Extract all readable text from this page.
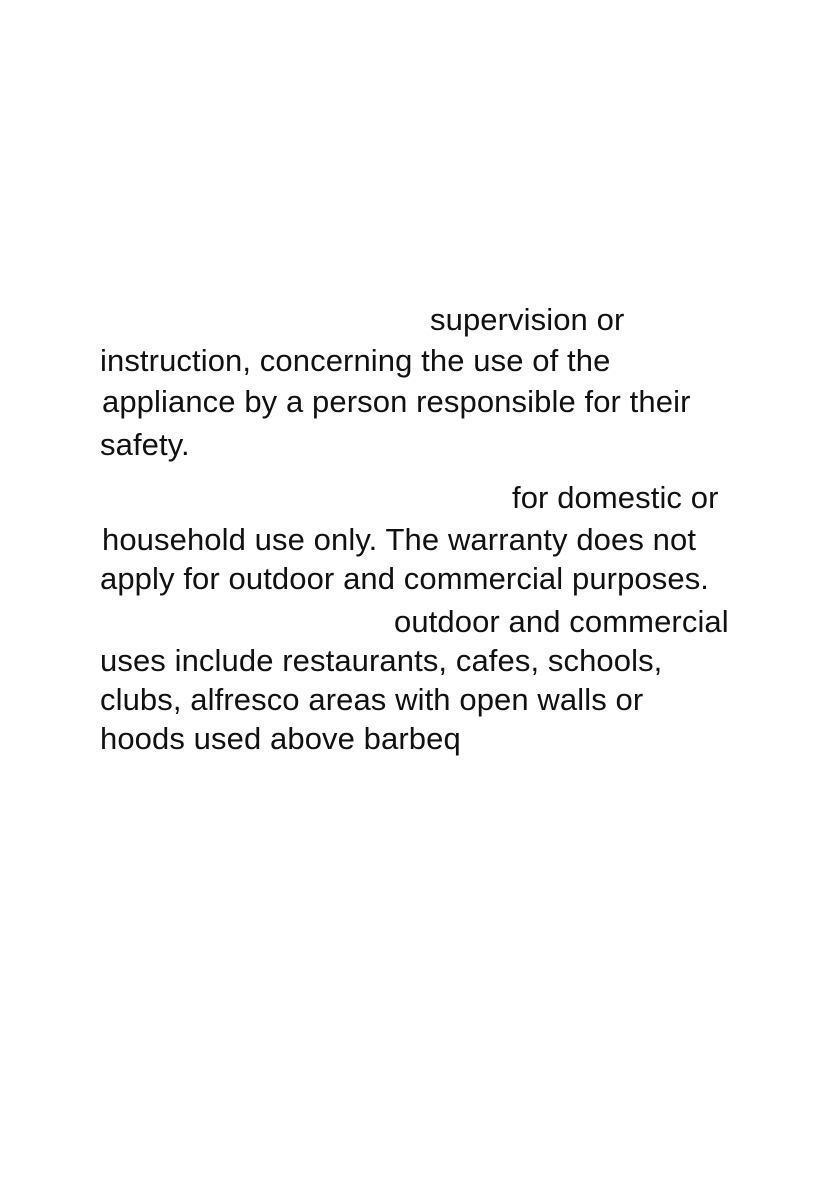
supervision or
instruction, concerning the use of the
appliance by a person responsible for their
safety.
for domestic or
household use only. The warranty does not
apply for outdoor and commercial purposes.
outdoor and commercial
uses include restaurants, cafes, schools,
clubs, alfresco areas with open walls or
hoods used above barbeq
